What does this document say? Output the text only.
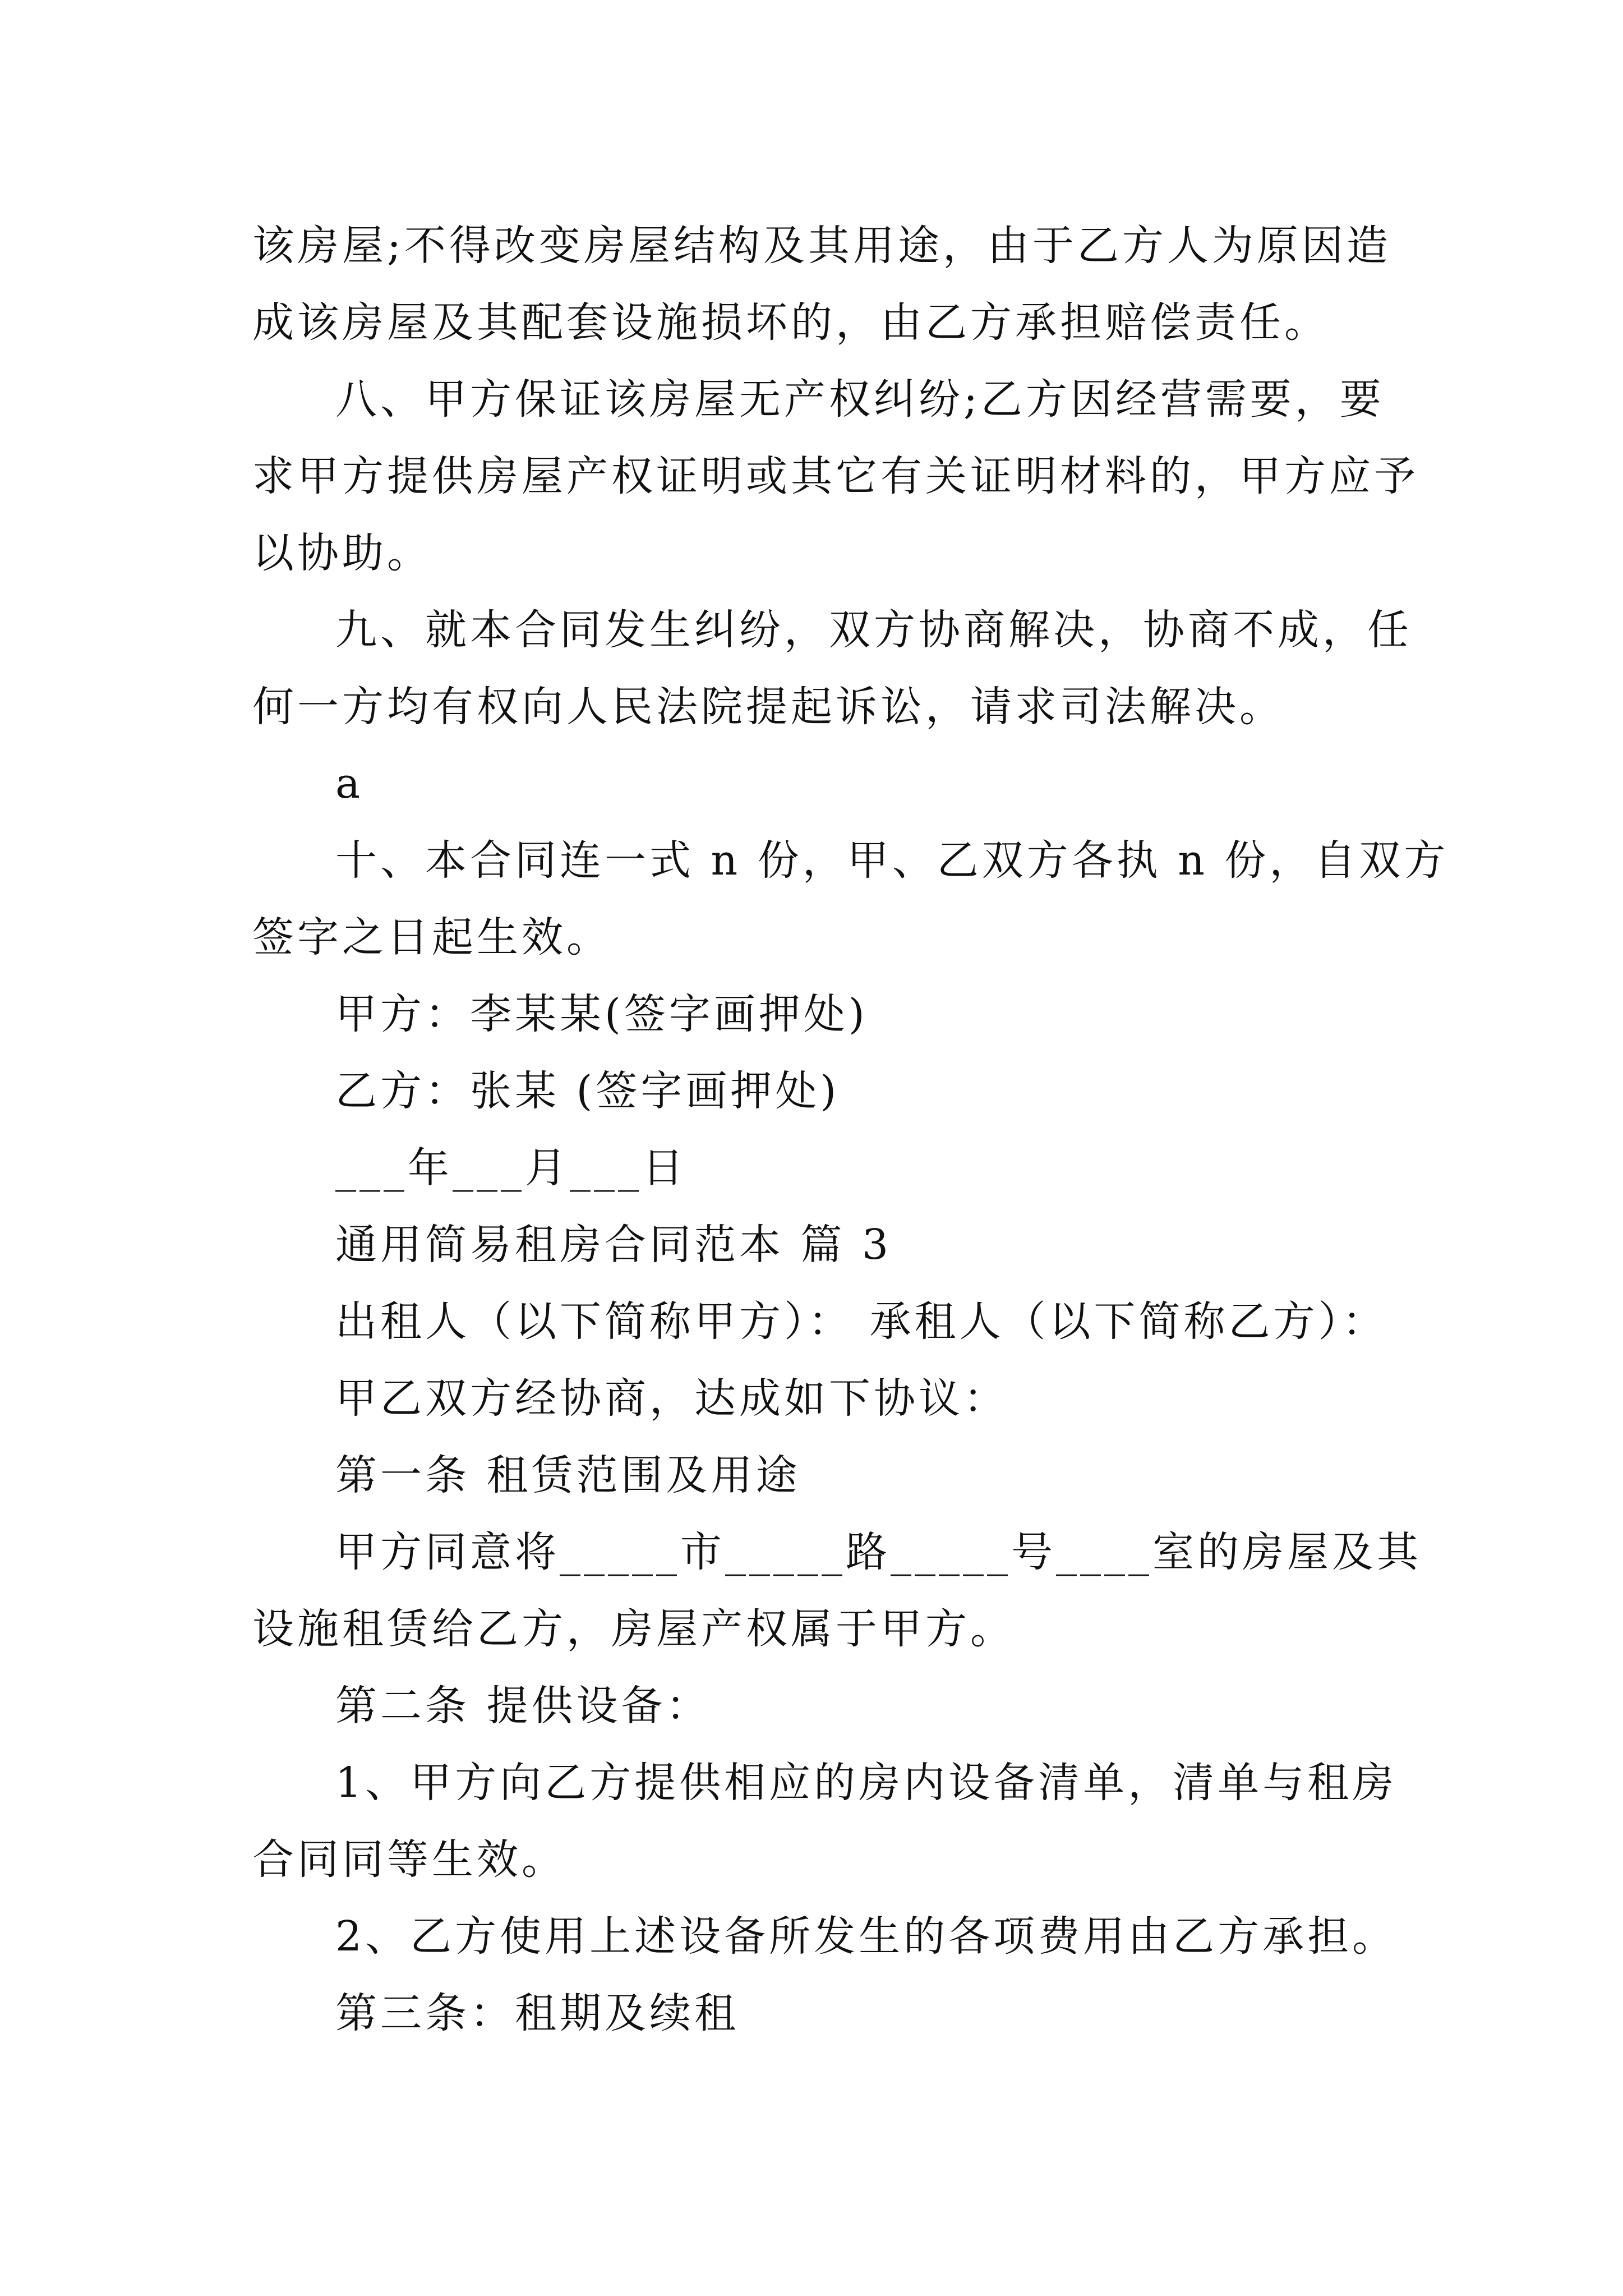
该房屋;不得改变房屋结构及其用途，由于乙方人为原因造
成该房屋及其配套设施损坏的，由乙方承担赔偿责任。
八、甲方保证该房屋无产权纠纷;乙方因经营需要，要
求甲方提供房屋产权证明或其它有关证明材料的，甲方应予
以协助。
九、就本合同发生纠纷，双方协商解决，协商不成，任
何一方均有权向人民法院提起诉讼，请求司法解决。
a
十、本合同连一式 n 份，甲、乙双方各执 n 份，自双方
签字之日起生效。
甲方：李某某(签字画押处)
乙方：张某 (签字画押处)
___年___月___日
通用简易租房合同范本 篇 3
出租人（以下简称甲方）： 承租人（以下简称乙方）：
甲乙双方经协商，达成如下协议：
第一条 租赁范围及用途
甲方同意将_____市_____路_____号____室的房屋及其
设施租赁给乙方，房屋产权属于甲方。
第二条 提供设备：
1、甲方向乙方提供相应的房内设备清单，清单与租房
合同同等生效。
2、乙方使用上述设备所发生的各项费用由乙方承担。
第三条：租期及续租
